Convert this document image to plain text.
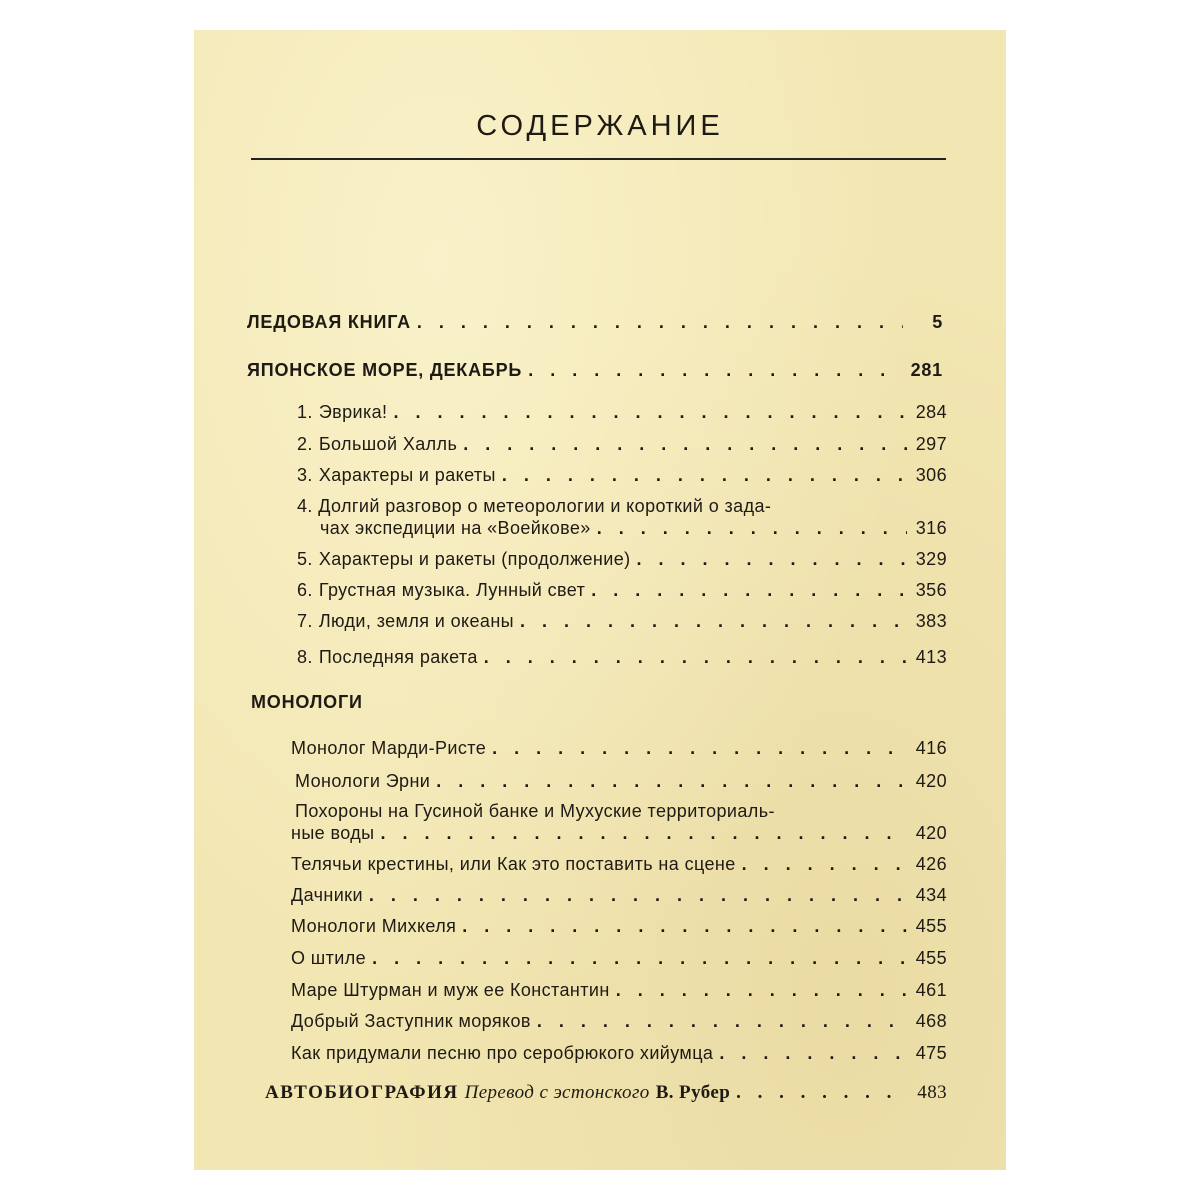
СОДЕРЖАНИЕ
ЛЕДОВАЯ КНИГА . . .	5
ЯПОНСКОЕ МОРЕ, ДЕКАБРЬ . . .	281
1. Эврика! . . .	284
2. Большой Халль . . .	297
3. Характеры и ракеты . . .	306
4. Долгий разговор о метеорологии и короткий о зада-
чах экспедиции на «Воейкове» . . .	316
5. Характеры и ракеты (продолжение) . . .	329
6. Грустная музыка. Лунный свет . . .	356
7. Люди, земля и океаны . . .	383
8. Последняя ракета . . .	413
МОНОЛОГИ
Монолог Марди-Ристе . . .	416
Монологи Эрни . . .	420
Похороны на Гусиной банке и Мухуские территориаль-
ные воды . . .	420
Телячьи крестины, или Как это поставить на сцене . . .	426
Дачники . . .	434
Монологи Михкеля . . .	455
О штиле . . .	455
Маре Штурман и муж ее Константин . . .	461
Добрый Заступник моряков . . .	468
Как придумали песню про серобрюкого хийумца . . .	475
АВТОБИОГРАФИЯ Перевод с эстонского В. Рубер . . .	483
